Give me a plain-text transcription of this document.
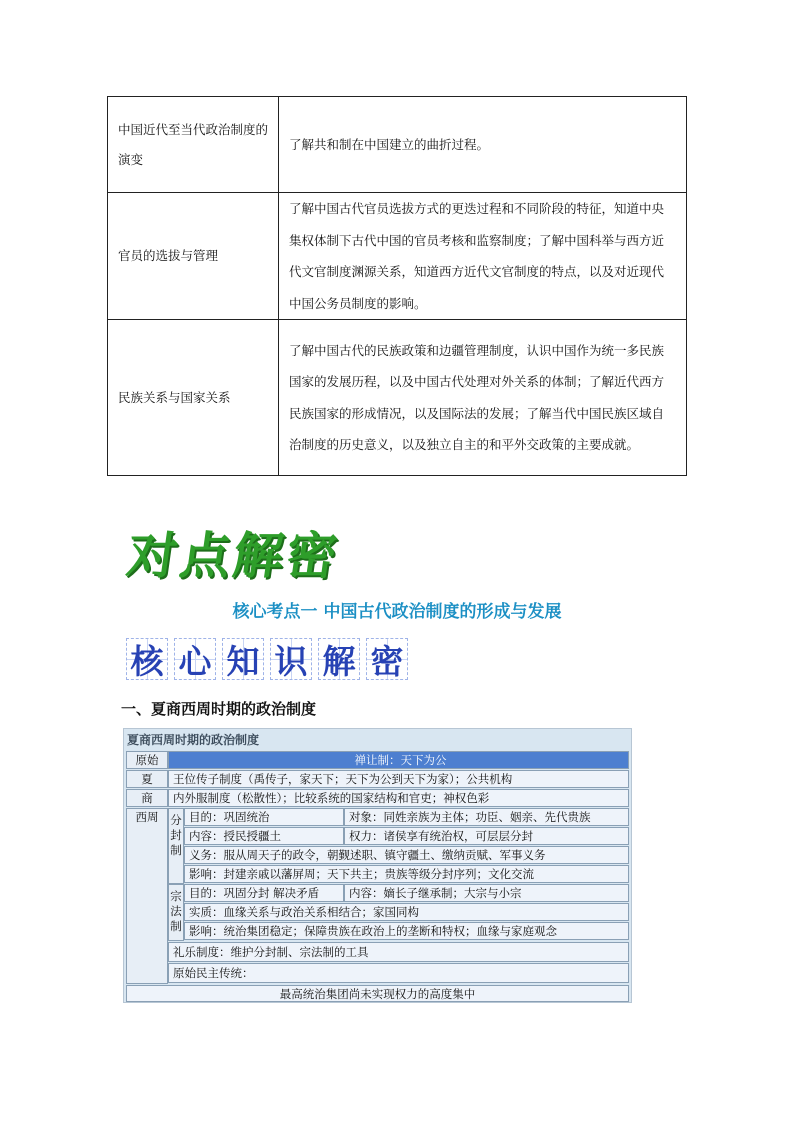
中国近代至当代政治制度的演变	了解共和制在中国建立的曲折过程。
官员的选拔与管理	了解中国古代官员选拔方式的更迭过程和不同阶段的特征，知道中央集权体制下古代中国的官员考核和监察制度；了解中国科举与西方近代文官制度渊源关系，知道西方近代文官制度的特点，以及对近现代中国公务员制度的影响。
民族关系与国家关系	了解中国古代的民族政策和边疆管理制度，认识中国作为统一多民族国家的发展历程，以及中国古代处理对外关系的体制；了解近代西方民族国家的形成情况，以及国际法的发展；了解当代中国民族区域自治制度的历史意义，以及独立自主的和平外交政策的主要成就。
对点解密
核心考点一 中国古代政治制度的形成与发展
核 心 知 识 解 密
一、夏商西周时期的政治制度
夏商西周时期的政治制度
原始	禅让制：天下为公
夏	王位传子制度（禹传子，家天下；天下为公到天下为家）；公共机构
商	内外服制度（松散性）；比较系统的国家结构和官吏；神权色彩
西周	分封制
目的：巩固统治	对象：同姓亲族为主体；功臣、姻亲、先代贵族
内容：授民授疆土	权力：诸侯享有统治权，可层层分封
义务：服从周天子的政令，朝觐述职、镇守疆土、缴纳贡赋、军事义务
影响：封建亲戚以藩屏周；天下共主；贵族等级分封序列；文化交流
宗法制
目的：巩固分封 解决矛盾	内容：嫡长子继承制；大宗与小宗
实质：血缘关系与政治关系相结合；家国同构
影响：统治集团稳定；保障贵族在政治上的垄断和特权；血缘与家庭观念
礼乐制度：维护分封制、宗法制的工具
原始民主传统：
最高统治集团尚未实现权力的高度集中
